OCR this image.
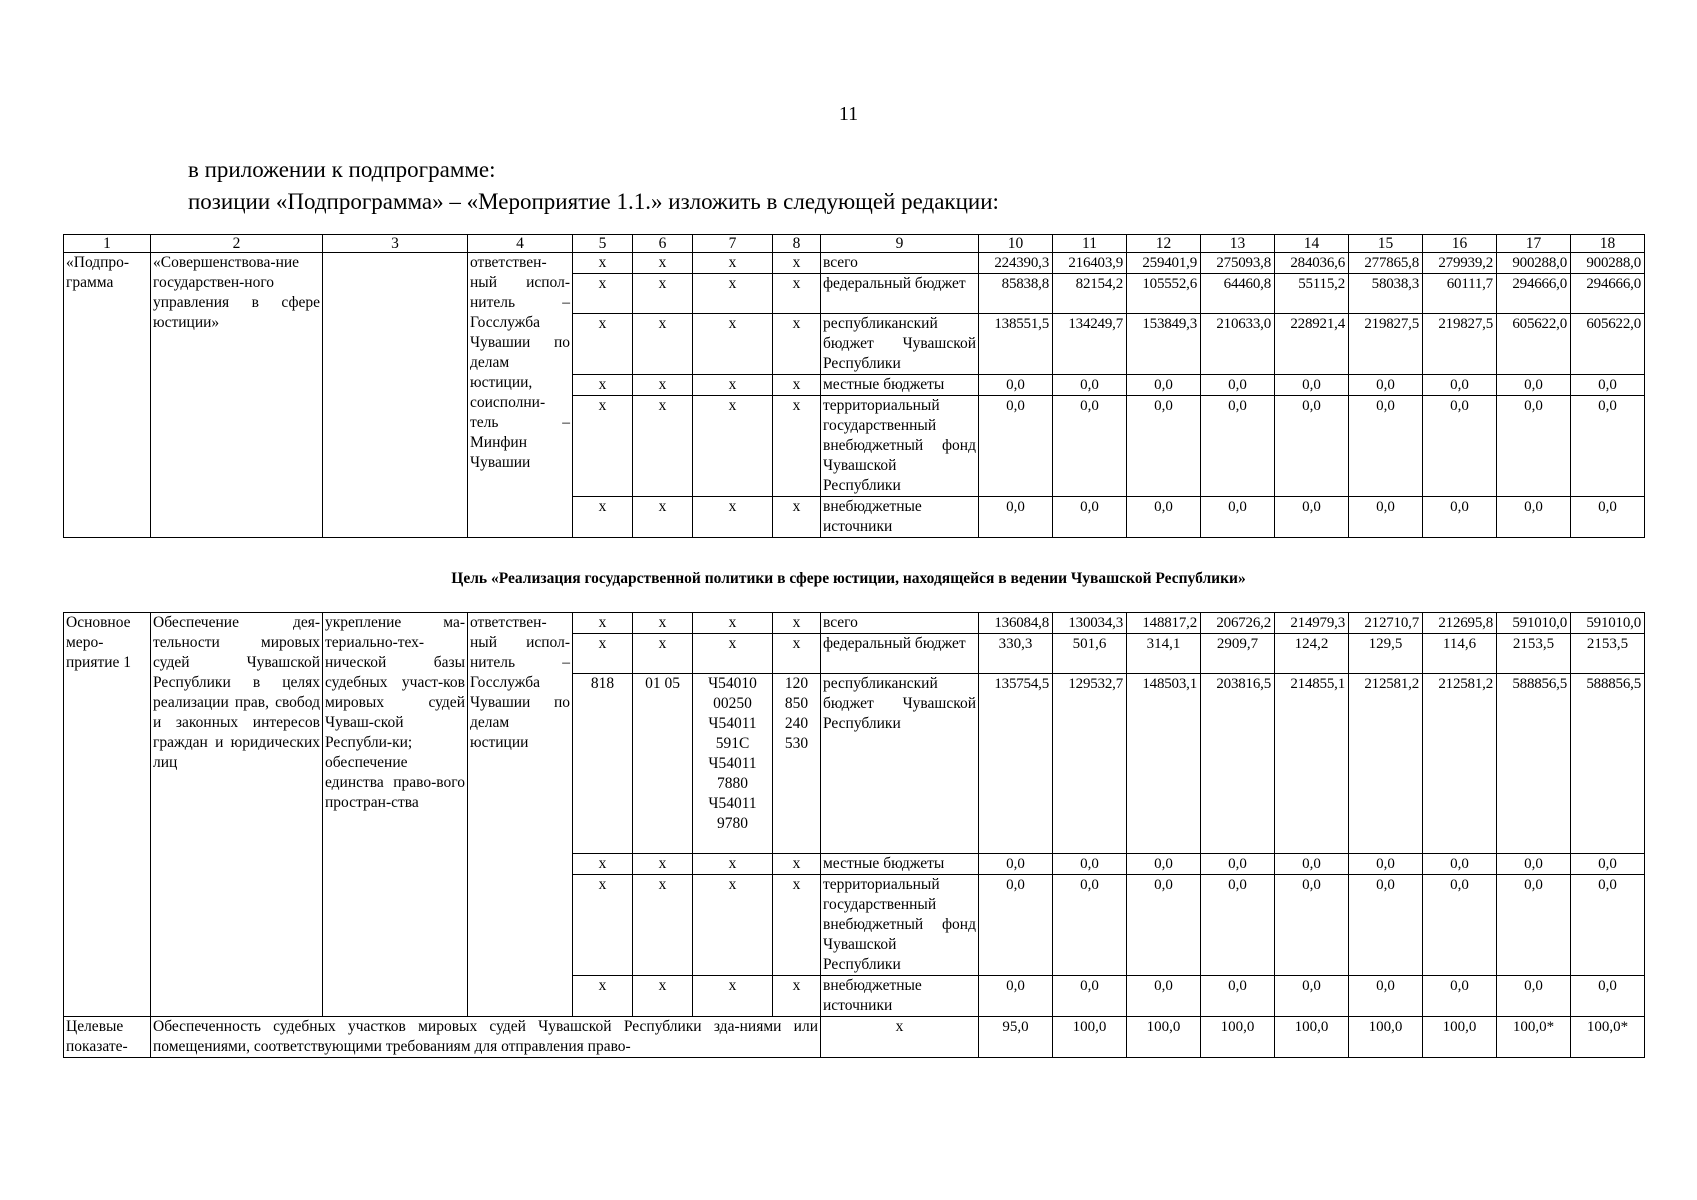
11
в приложении к подпрограмме:
позиции «Подпрограмма» – «Мероприятие 1.1.» изложить в следующей редакции:
1	2	3	4	5	6	7	8	9	10	11	12	13	14	15	16	17	18
«Подпро-грамма	«Совершенствова-ние государствен-ного управления в сфере юстиции»		ответствен-ный испол-нитель – Госслужба Чувашии по делам юстиции, соисполни-тель – Минфин Чувашии	х	х	х	х	всего	224390,3	216403,9	259401,9	275093,8	284036,6	277865,8	279939,2	900288,0	900288,0
				х	х	х	х	федеральный бюджет	85838,8	82154,2	105552,6	64460,8	55115,2	58038,3	60111,7	294666,0	294666,0
				х	х	х	х	республиканский бюджет Чувашской Республики	138551,5	134249,7	153849,3	210633,0	228921,4	219827,5	219827,5	605622,0	605622,0
				х	х	х	х	местные бюджеты	0,0	0,0	0,0	0,0	0,0	0,0	0,0	0,0	0,0
				х	х	х	х	территориальный государственный внебюджетный фонд Чувашской Республики	0,0	0,0	0,0	0,0	0,0	0,0	0,0	0,0	0,0
				х	х	х	х	внебюджетные источники	0,0	0,0	0,0	0,0	0,0	0,0	0,0	0,0	0,0
Цель «Реализация государственной политики в сфере юстиции, находящейся в ведении Чувашской Республики»
Основное меро-приятие 1	Обеспечение дея-тельности мировых судей Чувашской Республики в целях реализации прав, свобод и законных интересов граждан и юридических лиц	укрепление ма-териально-тех-нической базы судебных участ-ков мировых судей Чуваш-ской Республи-ки; обеспечение единства право-вого простран-ства	ответствен-ный испол-нитель – Госслужба Чувашии по делам юстиции	х	х	х	х	всего	136084,8	130034,3	148817,2	206726,2	214979,3	212710,7	212695,8	591010,0	591010,0
				х	х	х	х	федеральный бюджет	330,3	501,6	314,1	2909,7	124,2	129,5	114,6	2153,5	2153,5
				818	01 05	Ч54010 00250 Ч54011 591С Ч54011 7880 Ч54011 9780	120 850 240 530	республиканский бюджет Чувашской Республики	135754,5	129532,7	148503,1	203816,5	214855,1	212581,2	212581,2	588856,5	588856,5
				х	х	х	х	местные бюджеты	0,0	0,0	0,0	0,0	0,0	0,0	0,0	0,0	0,0
				х	х	х	х	территориальный государственный внебюджетный фонд Чувашской Республики	0,0	0,0	0,0	0,0	0,0	0,0	0,0	0,0	0,0
				х	х	х	х	внебюджетные источники	0,0	0,0	0,0	0,0	0,0	0,0	0,0	0,0	0,0
Целевые показате-	Обеспеченность судебных участков мировых судей Чувашской Республики зда-ниями или помещениями, соответствующими требованиям для отправления право-							х	95,0	100,0	100,0	100,0	100,0	100,0	100,0	100,0*	100,0*
